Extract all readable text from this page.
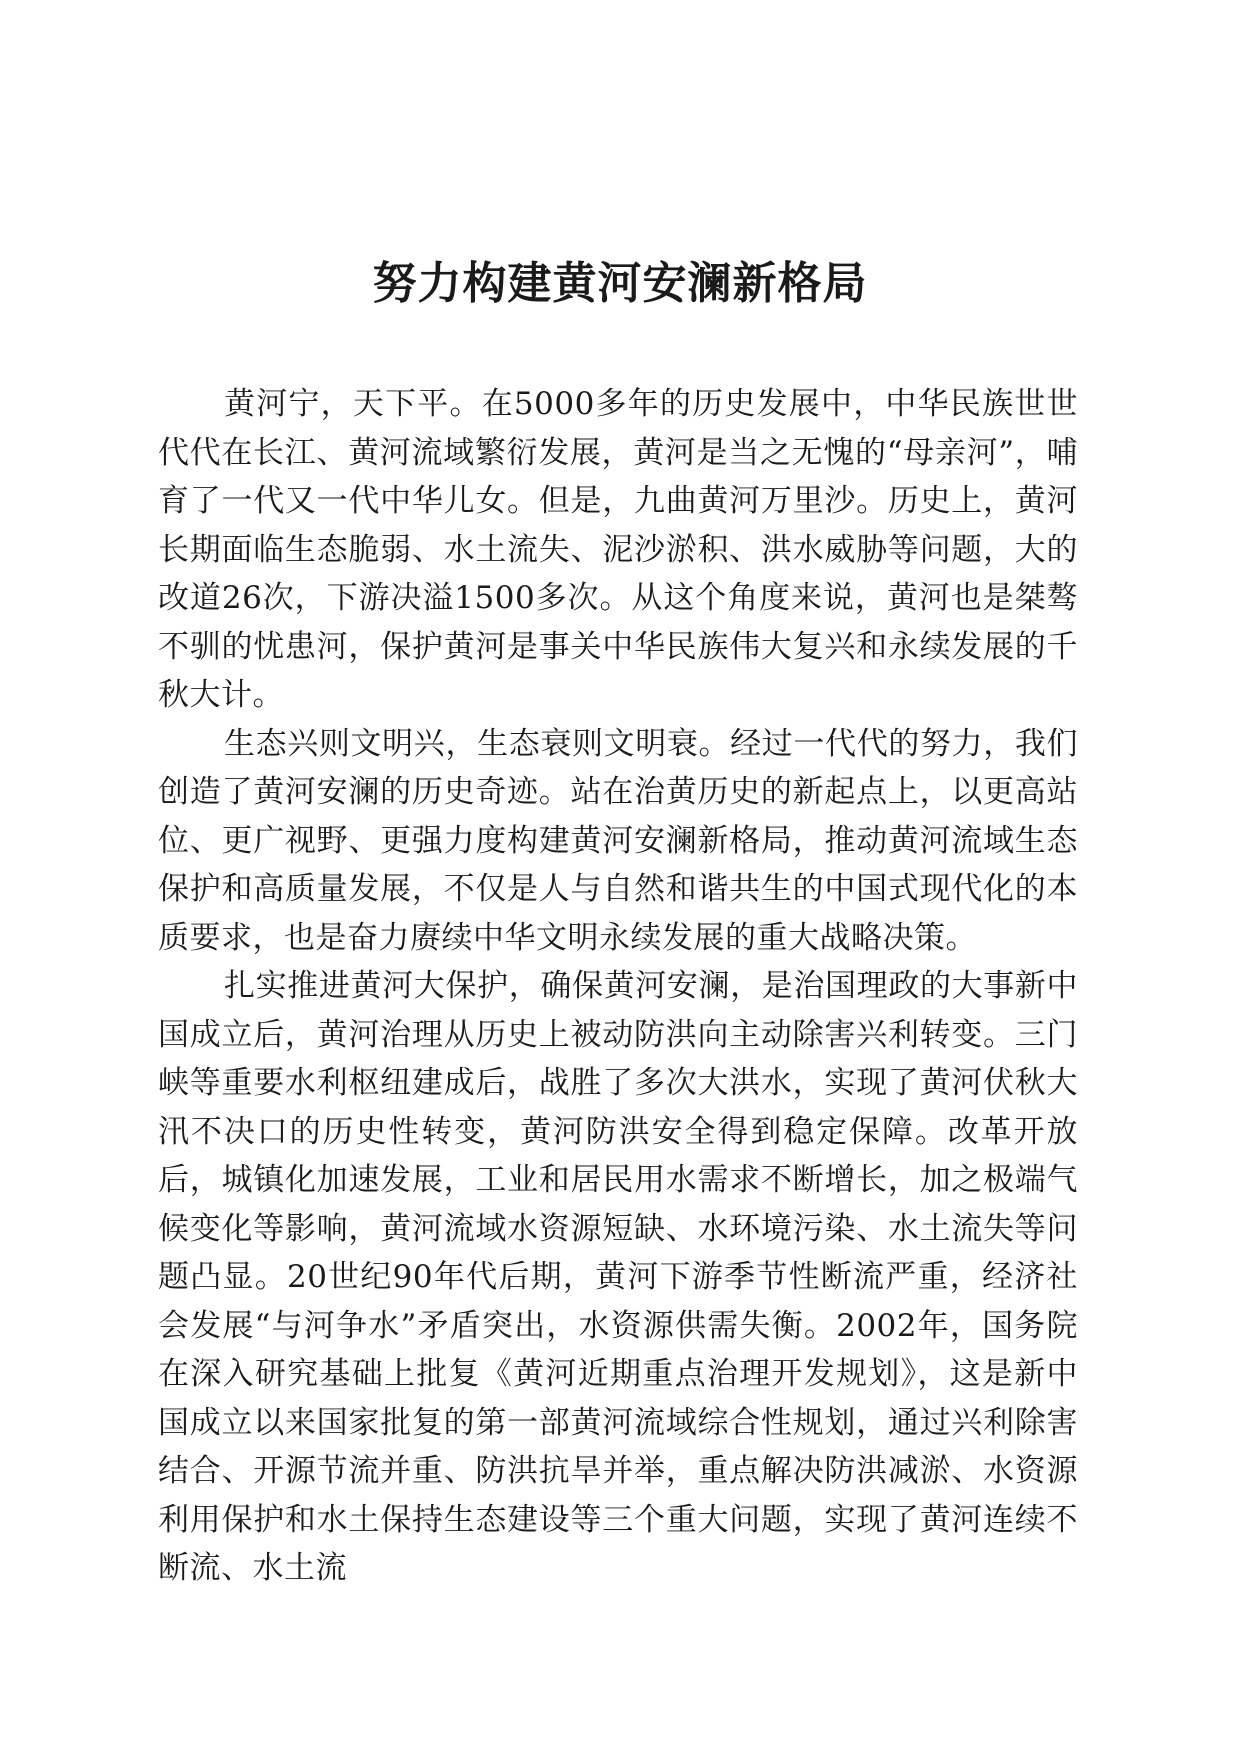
努力构建黄河安澜新格局

黄河宁，天下平。在5000多年的历史发展中，中华民族世世代代在长江、黄河流域繁衍发展，黄河是当之无愧的“母亲河”，哺育了一代又一代中华儿女。但是，九曲黄河万里沙。历史上，黄河长期面临生态脆弱、水土流失、泥沙淤积、洪水威胁等问题，大的改道26次，下游决溢1500多次。从这个角度来说，黄河也是桀骜不驯的忧患河，保护黄河是事关中华民族伟大复兴和永续发展的千秋大计。

生态兴则文明兴，生态衰则文明衰。经过一代代的努力，我们创造了黄河安澜的历史奇迹。站在治黄历史的新起点上，以更高站位、更广视野、更强力度构建黄河安澜新格局，推动黄河流域生态保护和高质量发展，不仅是人与自然和谐共生的中国式现代化的本质要求，也是奋力赓续中华文明永续发展的重大战略决策。

扎实推进黄河大保护，确保黄河安澜，是治国理政的大事新中国成立后，黄河治理从历史上被动防洪向主动除害兴利转变。三门峡等重要水利枢纽建成后，战胜了多次大洪水，实现了黄河伏秋大汛不决口的历史性转变，黄河防洪安全得到稳定保障。改革开放后，城镇化加速发展，工业和居民用水需求不断增长，加之极端气候变化等影响，黄河流域水资源短缺、水环境污染、水土流失等问题凸显。20世纪90年代后期，黄河下游季节性断流严重，经济社会发展“与河争水”矛盾突出，水资源供需失衡。2002年，国务院在深入研究基础上批复《黄河近期重点治理开发规划》，这是新中国成立以来国家批复的第一部黄河流域综合性规划，通过兴利除害结合、开源节流并重、防洪抗旱并举，重点解决防洪减淤、水资源利用保护和水土保持生态建设等三个重大问题，实现了黄河连续不断流、水土流
